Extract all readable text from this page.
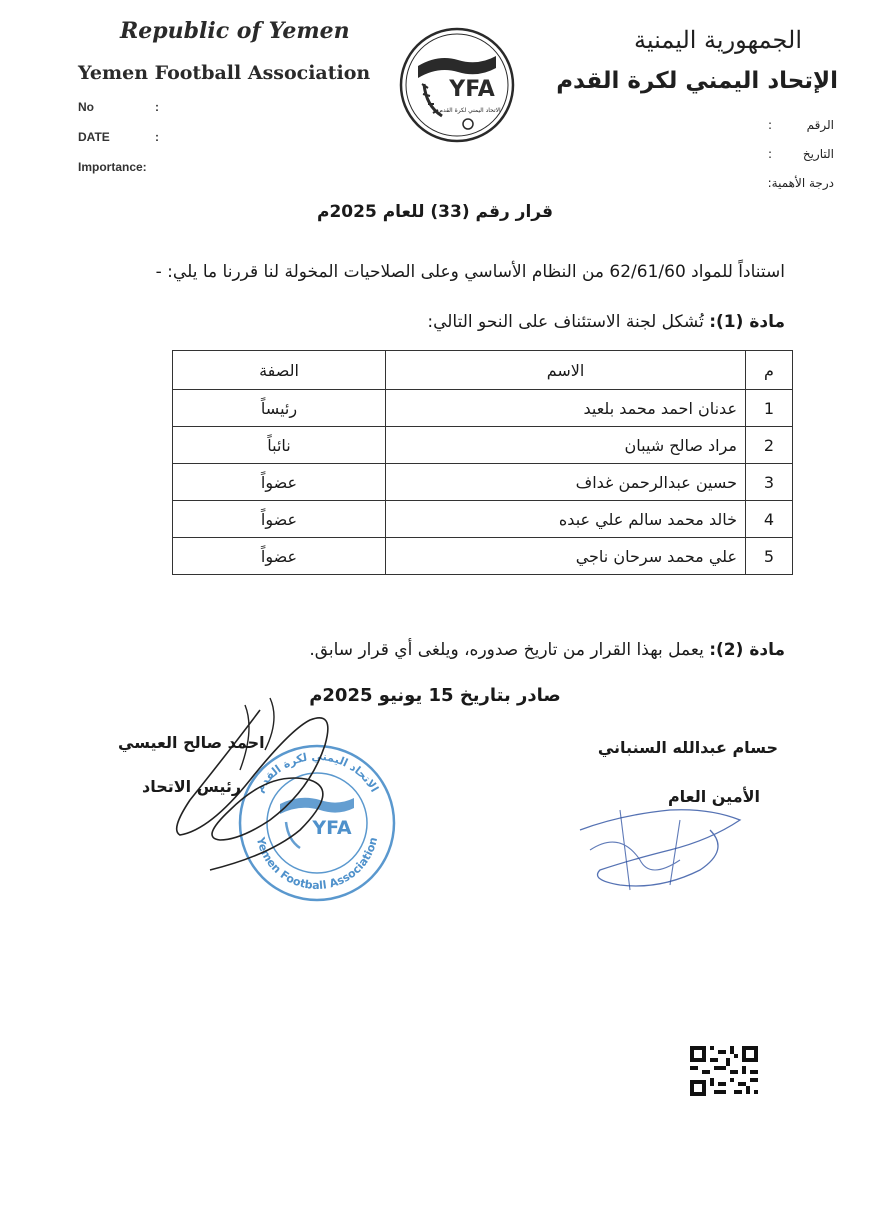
Republic of Yemen
Yemen Football Association
No	:
DATE	:
Importance:
YFA
الاتحاد اليمني لكرة القدم
الجمهورية اليمنية
الإتحاد اليمني لكرة القدم
الرقم
:
التاريخ
:
درجة الأهمية:
قرار رقم (33) للعام 2025م
استناداً للمواد 62/61/60 من النظام الأساسي وعلى الصلاحيات المخولة لنا قررنا ما يلي: -
مادة (1): تُشكل لجنة الاستئناف على النحو التالي:
م	الاسم	الصفة
1	عدنان احمد محمد بلعيد	رئيساً
2	مراد صالح شيبان	نائباً
3	حسين عبدالرحمن غداف	عضواً
4	خالد محمد سالم علي عبده	عضواً
5	علي محمد سرحان ناجي	عضواً
مادة (2): يعمل بهذا القرار من تاريخ صدوره، ويلغى أي قرار سابق.
صادر بتاريخ 15 يونيو 2025م
الاتحاد اليمني لكرة القدم
Yemen Football Association
YFA
احمد صالح العيسي
رئيس الاتحاد
حسام عبدالله السنباني
الأمين العام
